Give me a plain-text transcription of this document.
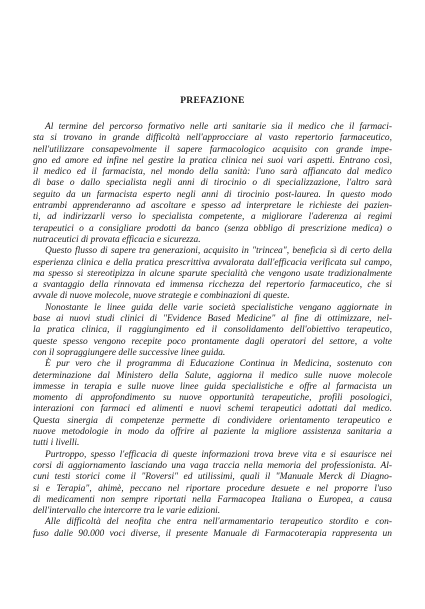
PREFAZIONE
Al termine del percorso formativo nelle arti sanitarie sia il medico che il farmaci-
sta si trovano in grande difficoltà nell'approcciare al vasto repertorio farmaceutico,
nell'utilizzare consapevolmente il sapere farmacologico acquisito con grande impe-
gno ed amore ed infine nel gestire la pratica clinica nei suoi vari aspetti. Entrano così,
il medico ed il farmacista, nel mondo della sanità: l'uno sarà affiancato dal medico
di base o dallo specialista negli anni di tirocinio o di specializzazione, l'altro sarà
seguito da un farmacista esperto negli anni di tirocinio post-laurea. In questo modo
entrambi apprenderanno ad ascoltare e spesso ad interpretare le richieste dei pazien-
ti, ad indirizzarli verso lo specialista competente, a migliorare l'aderenza ai regimi
terapeutici o a consigliare prodotti da banco (senza obbligo di prescrizione medica) o
nutraceutici di provata efficacia e sicurezza.
Questo flusso di sapere tra generazioni, acquisito in "trincea", beneficia sì di certo della
esperienza clinica e della pratica prescrittiva avvalorata dall'efficacia verificata sul campo,
ma spesso si stereotipizza in alcune sparute specialità che vengono usate tradizionalmente
a svantaggio della rinnovata ed immensa ricchezza del repertorio farmaceutico, che si
avvale di nuove molecole, nuove strategie e combinazioni di queste.
Nonostante le linee guida delle varie società specialistiche vengano aggiornate in
base ai nuovi studi clinici di "Evidence Based Medicine" al fine di ottimizzare, nel-
la pratica clinica, il raggiungimento ed il consolidamento dell'obiettivo terapeutico,
queste spesso vengono recepite poco prontamente dagli operatori del settore, a volte
con il sopraggiungere delle successive linee guida.
È pur vero che il programma di Educazione Continua in Medicina, sostenuto con
determinazione dal Ministero della Salute, aggiorna il medico sulle nuove molecole
immesse in terapia e sulle nuove linee guida specialistiche e offre al farmacista un
momento di approfondimento su nuove opportunità terapeutiche, profili posologici,
interazioni con farmaci ed alimenti e nuovi schemi terapeutici adottati dal medico.
Questa sinergia di competenze permette di condividere orientamento terapeutico e
nuove metodologie in modo da offrire al paziente la migliore assistenza sanitaria a
tutti i livelli.
Purtroppo, spesso l'efficacia di queste informazioni trova breve vita e si esaurisce nei
corsi di aggiornamento lasciando una vaga traccia nella memoria del professionista. Al-
cuni testi storici come il "Roversi" ed utilissimi, quali il "Manuale Merck di Diagno-
si e Terapia", ahimè, peccano nel riportare procedure desuete e nel proporre l'uso
di medicamenti non sempre riportati nella Farmacopea Italiana o Europea, a causa
dell'intervallo che intercorre tra le varie edizioni.
Alle difficoltà del neofita che entra nell'armamentario terapeutico stordito e con-
fuso dalle 90.000 voci diverse, il presente Manuale di Farmacoterapia rappresenta un
